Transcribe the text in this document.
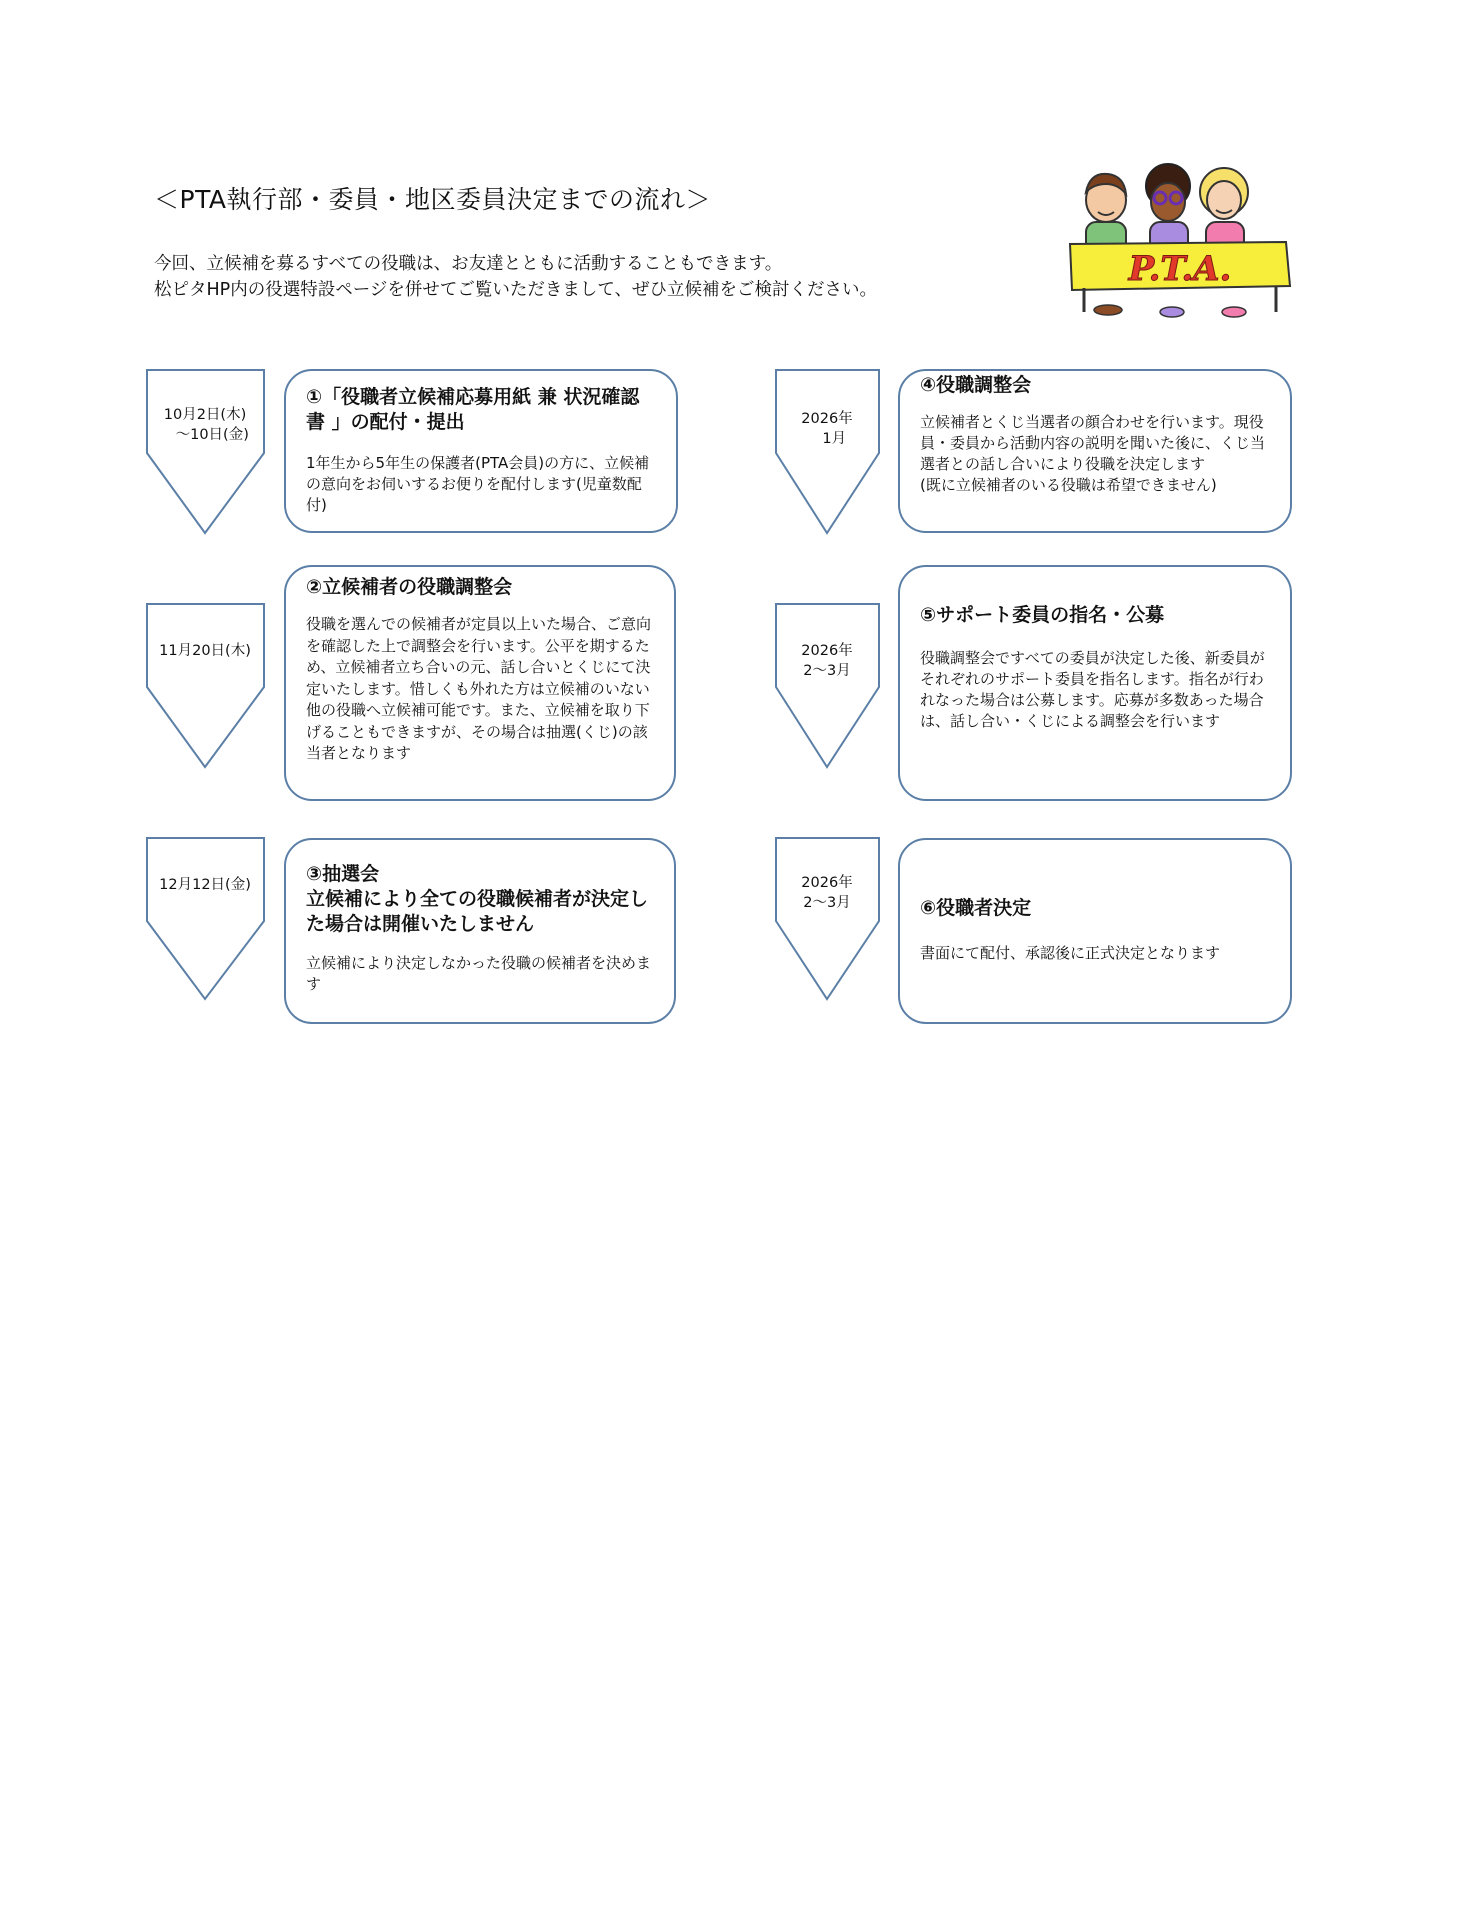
＜PTA執行部・委員・地区委員決定までの流れ＞
今回、立候補を募るすべての役職は、お友達とともに活動することもできます。
松ピタHP内の役選特設ページを併せてご覧いただきまして、ぜひ立候補をご検討ください。
P.T.A.
10月2日(木)
　～10日(金)

①「役職者立候補応募用紙 兼 状況確認書 」の配付・提出

1年生から5年生の保護者(PTA会員)の方に、立候補の意向をお伺いするお便りを配付します(児童数配付)

11月20日(木)

②立候補者の役職調整会

役職を選んでの候補者が定員以上いた場合、ご意向を確認した上で調整会を行います。公平を期するため、立候補者立ち合いの元、話し合いとくじにて決定いたします。惜しくも外れた方は立候補のいない他の役職へ立候補可能です。また、立候補を取り下げることもできますが、その場合は抽選(くじ)の該当者となります

12月12日(金)	③抽選会
立候補により全ての役職候補者が決定した場合は開催いたしません

立候補により決定しなかった役職の候補者を決めます

2026年
　1月

④役職調整会

立候補者とくじ当選者の顔合わせを行います。現役員・委員から活動内容の説明を聞いた後に、くじ当選者との話し合いにより役職を決定します
(既に立候補者のいる役職は希望できません)

2026年
2～3月

⑤サポート委員の指名・公募

役職調整会ですべての委員が決定した後、新委員がそれぞれのサポート委員を指名します。指名が行われなった場合は公募します。応募が多数あった場合は、話し合い・くじによる調整会を行います

2026年
2～3月	⑥役職者決定

書面にて配付、承認後に正式決定となります
